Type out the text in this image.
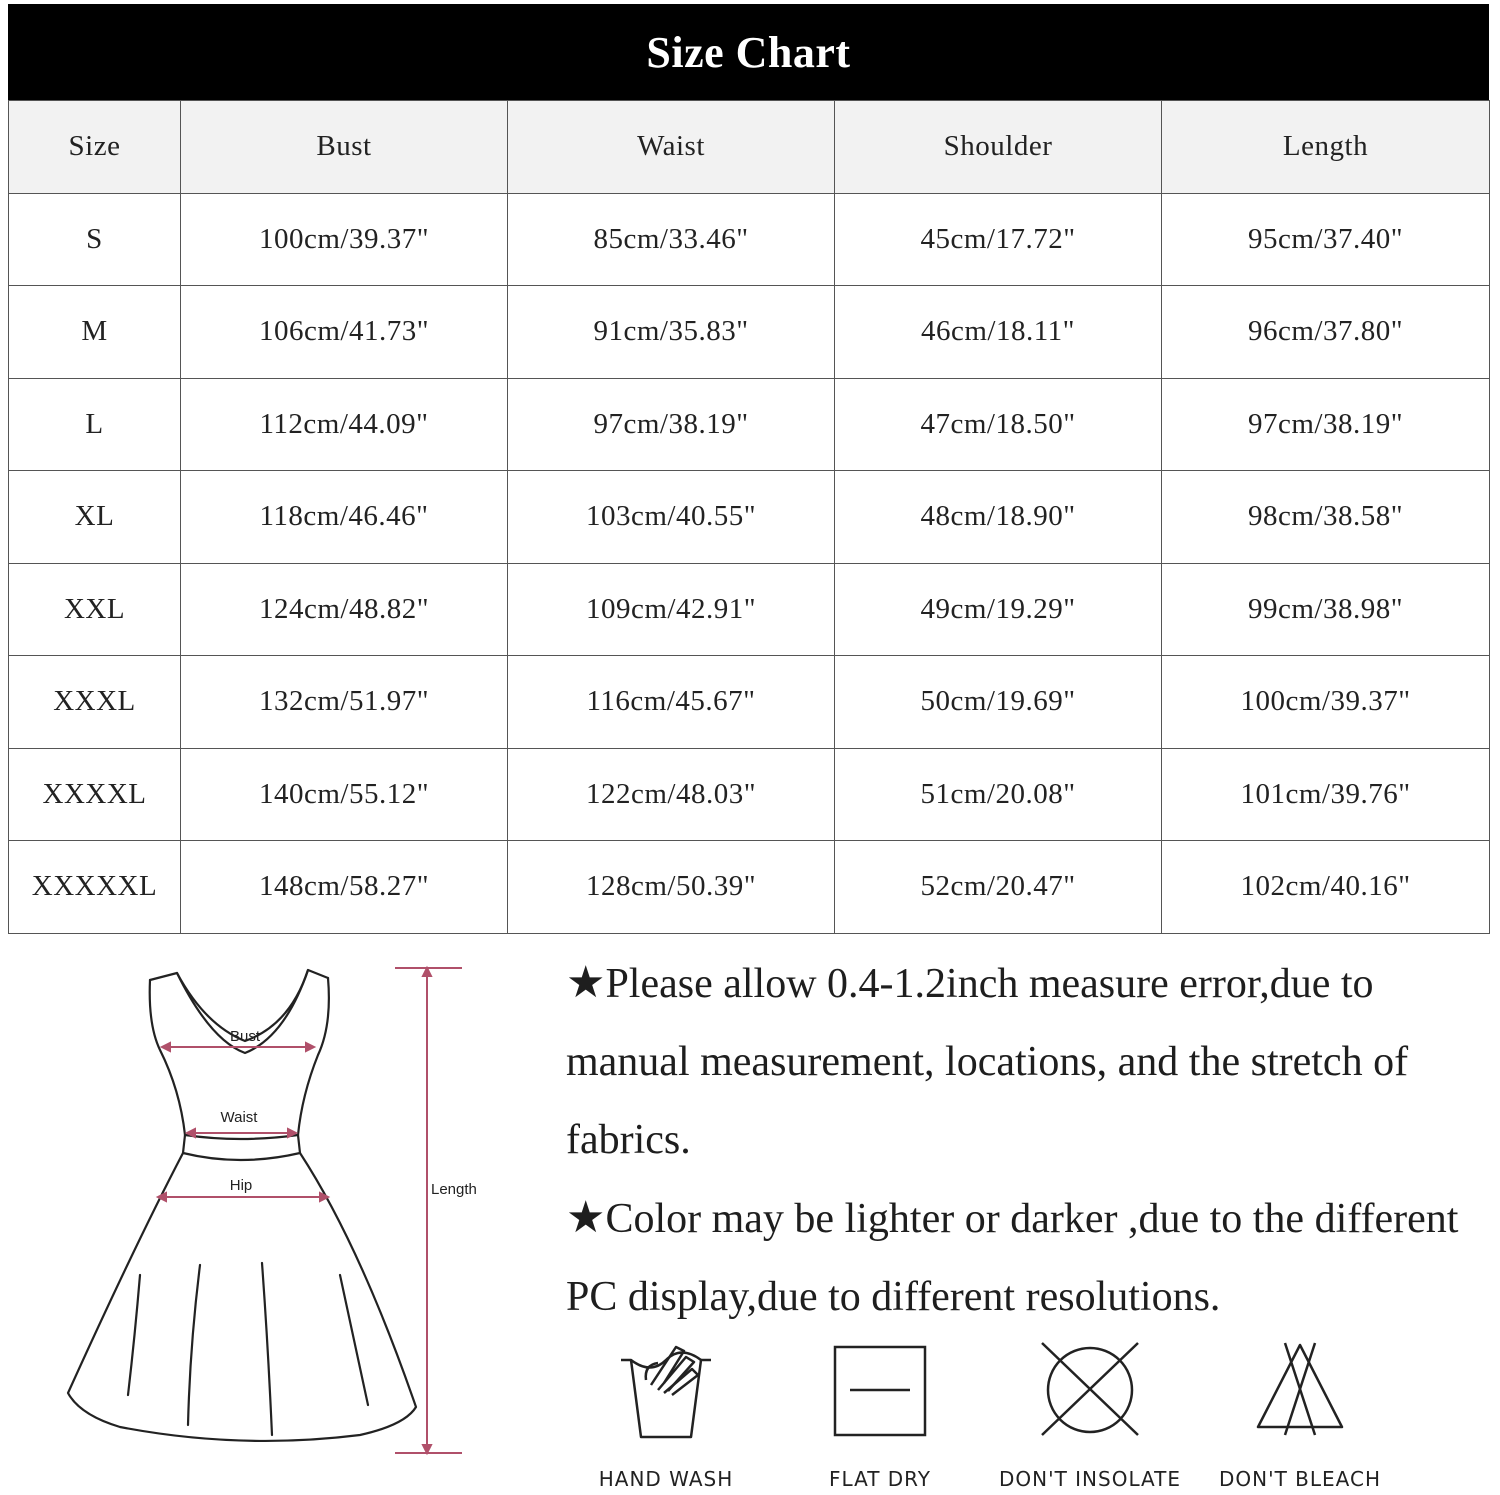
Size Chart
Size	Bust	Waist	Shoulder	Length
S	100cm/39.37"	85cm/33.46"	45cm/17.72"	95cm/37.40"
M	106cm/41.73"	91cm/35.83"	46cm/18.11"	96cm/37.80"
L	112cm/44.09"	97cm/38.19"	47cm/18.50"	97cm/38.19"
XL	118cm/46.46"	103cm/40.55"	48cm/18.90"	98cm/38.58"
XXL	124cm/48.82"	109cm/42.91"	49cm/19.29"	99cm/38.98"
XXXL	132cm/51.97"	116cm/45.67"	50cm/19.69"	100cm/39.37"
XXXXL	140cm/55.12"	122cm/48.03"	51cm/20.08"	101cm/39.76"
XXXXXL	148cm/58.27"	128cm/50.39"	52cm/20.47"	102cm/40.16"
Bust
Waist
Hip	Length

★Please allow 0.4-1.2inch measure error,due to manual measurement, locations, and the stretch of fabrics.

★Color may be lighter or darker ,due to the different PC display,due to different resolutions.

HAND WASH	FLAT DRY	DON'T INSOLATE	DON'T BLEACH
